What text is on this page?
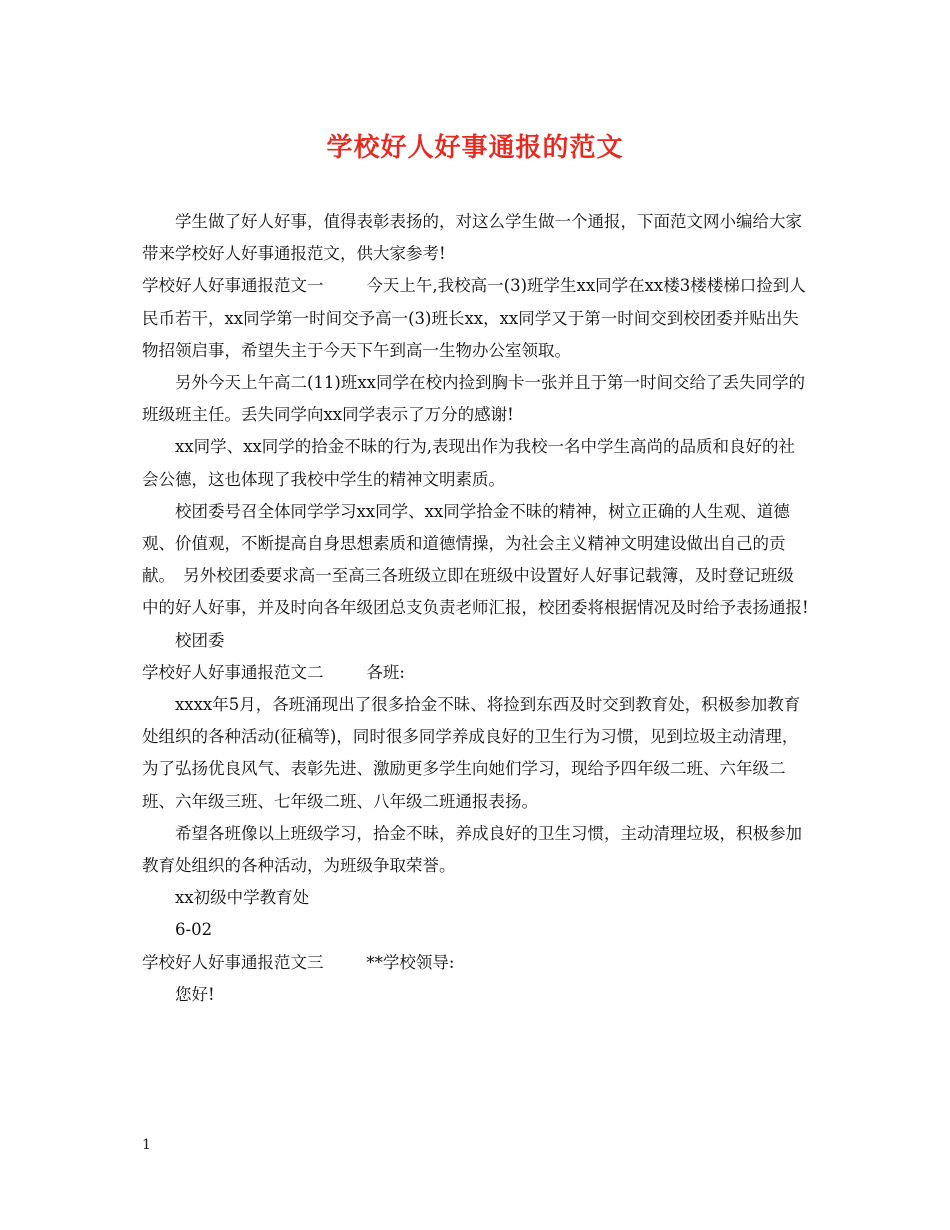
学校好人好事通报的范文

学生做了好人好事，值得表彰表扬的，对这么学生做一个通报，下面范文网小编给大家带来学校好人好事通报范文，供大家参考!

学校好人好事通报范文一	今天上午,我校高一(3)班学生xx同学在xx楼3楼楼梯口捡到人民币若干，xx同学第一时间交予高一(3)班长xx，xx同学又于第一时间交到校团委并贴出失物招领启事，希望失主于今天下午到高一生物办公室领取。

另外今天上午高二(11)班xx同学在校内捡到胸卡一张并且于第一时间交给了丢失同学的班级班主任。丢失同学向xx同学表示了万分的感谢!

xx同学、xx同学的拾金不昧的行为,表现出作为我校一名中学生高尚的品质和良好的社会公德，这也体现了我校中学生的精神文明素质。

校团委号召全体同学学习xx同学、xx同学拾金不昧的精神，树立正确的人生观、道德观、价值观，不断提高自身思想素质和道德情操，为社会主义精神文明建设做出自己的贡献。 另外校团委要求高一至高三各班级立即在班级中设置好人好事记载簿，及时登记班级中的好人好事，并及时向各年级团总支负责老师汇报，校团委将根据情况及时给予表扬通报!

校团委

学校好人好事通报范文二	各班:

xxxx年5月，各班涌现出了很多拾金不昧、将捡到东西及时交到教育处，积极参加教育处组织的各种活动(征稿等)，同时很多同学养成良好的卫生行为习惯，见到垃圾主动清理，为了弘扬优良风气、表彰先进、激励更多学生向她们学习，现给予四年级二班、六年级二班、六年级三班、七年级二班、八年级二班通报表扬。

希望各班像以上班级学习，拾金不昧，养成良好的卫生习惯，主动清理垃圾，积极参加教育处组织的各种活动，为班级争取荣誉。

xx初级中学教育处

6-02

学校好人好事通报范文三	**学校领导:

您好!

1
